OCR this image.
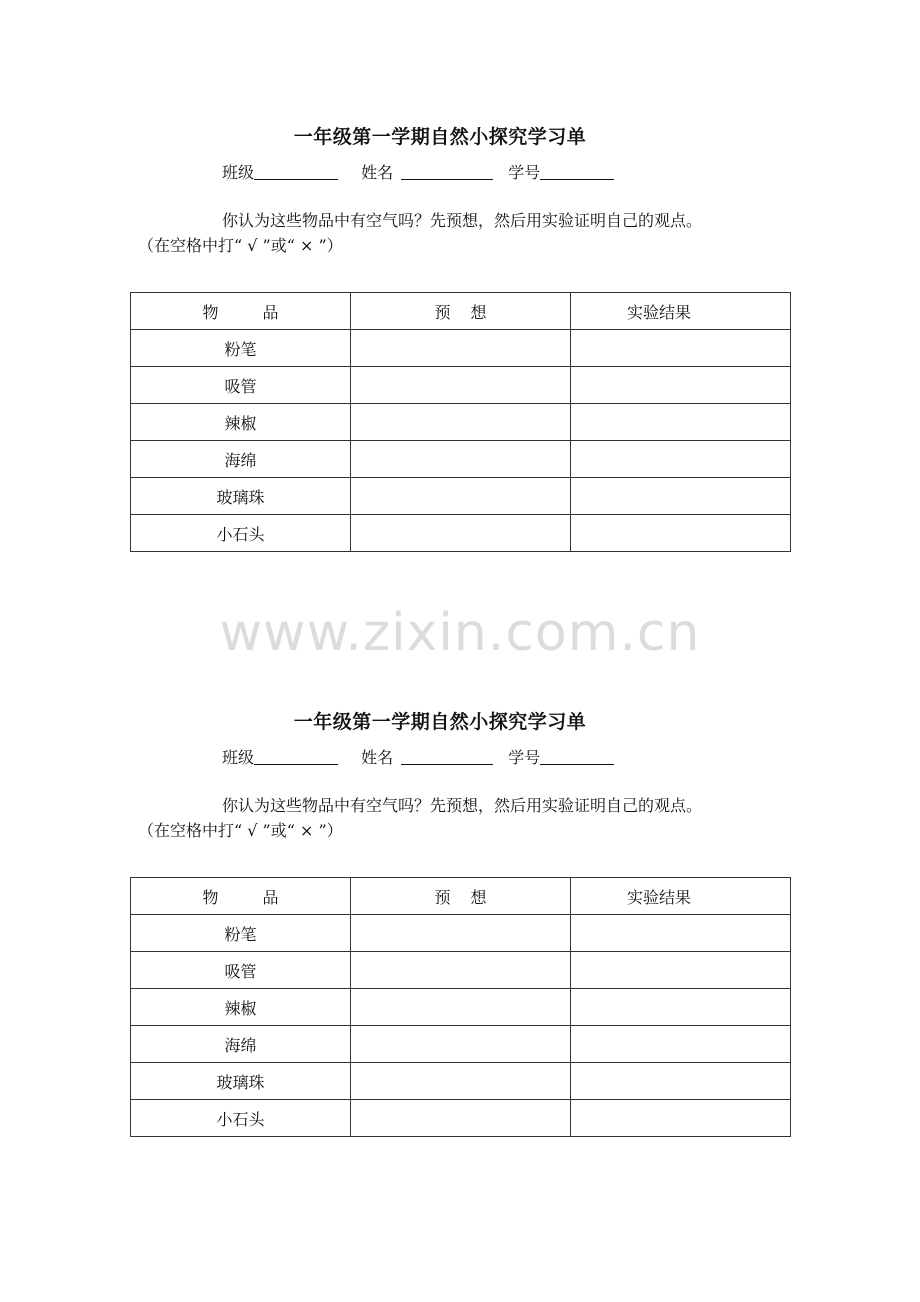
一年级第一学期自然小探究学习单
班级	姓名	学号
你认为这些物品中有空气吗？先预想，然后用实验证明自己的观点。
（在空格中打“ √ ”或“ × ”）
物 品	预 想	实验结果
粉笔		
吸管		
辣椒		
海绵		
玻璃珠		
小石头		
www.zixin.com.cn
一年级第一学期自然小探究学习单
班级	姓名	学号
你认为这些物品中有空气吗？先预想，然后用实验证明自己的观点。
（在空格中打“ √ ”或“ × ”）
物 品	预 想	实验结果
粉笔		
吸管		
辣椒		
海绵		
玻璃珠		
小石头		
